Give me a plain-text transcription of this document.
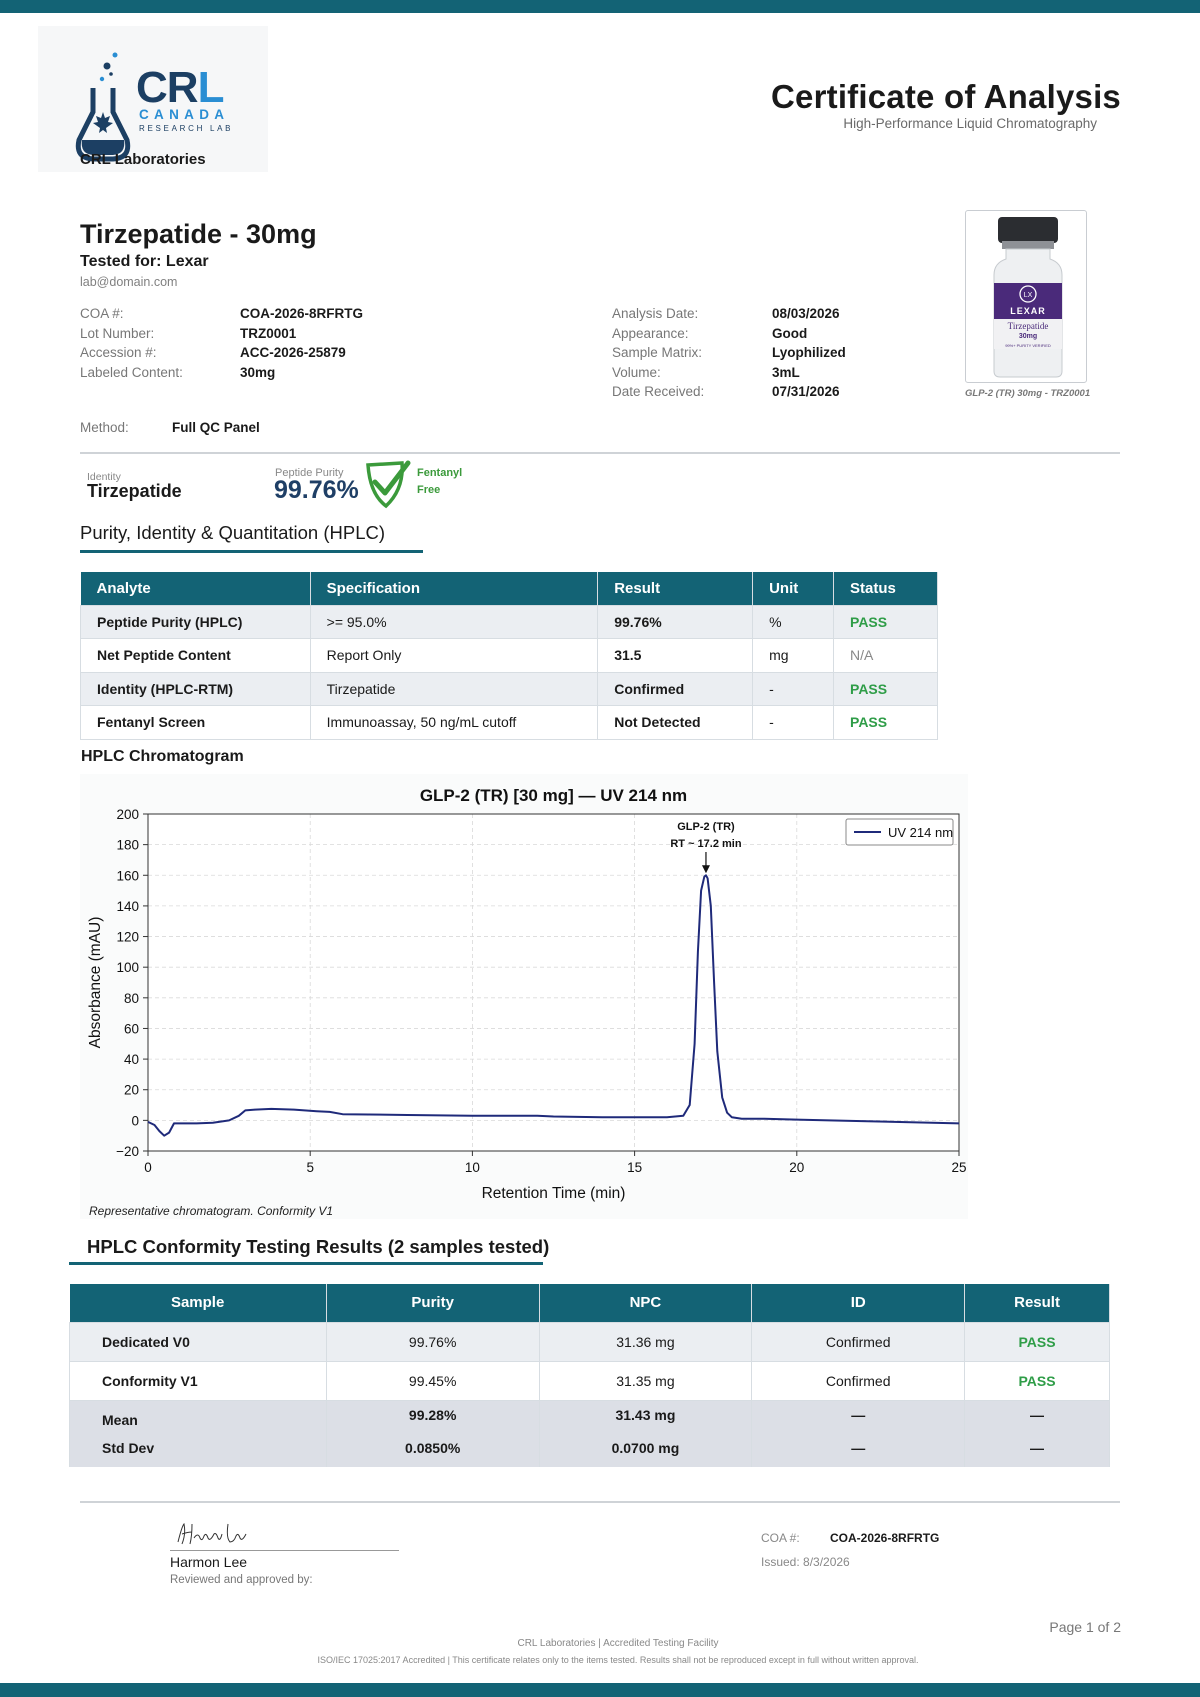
CRL
CANADA
RESEARCH LAB
CRL Laboratories
Certificate of Analysis
High-Performance Liquid Chromatography
Tirzepatide - 30mg
Tested for: Lexar
lab@domain.com
COA #:	COA-2026-8RFRTG
Lot Number:	TRZ0001
Accession #:	ACC-2026-25879
Labeled Content:	30mg
Analysis Date:	08/03/2026
Appearance:	Good
Sample Matrix:	Lyophilized
Volume:	3mL
Date Received:	07/31/2026
LX
LEXAR
Tirzepatide
30mg
99%+ PURITY VERIFIED
GLP-2 (TR) 30mg - TRZ0001
Method:	Full QC Panel
Identity
Tirzepatide
Peptide Purity
99.76%
Fentanyl
Free
Purity, Identity & Quantitation (HPLC)
Analyte	Specification	Result	Unit	Status
Peptide Purity (HPLC)	>= 95.0%	99.76%	%	PASS
Net Peptide Content	Report Only	31.5	mg	N/A
Identity (HPLC-RTM)	Tirzepatide	Confirmed	-	PASS
Fentanyl Screen	Immunoassay, 50 ng/mL cutoff	Not Detected	-	PASS
HPLC Chromatogram
0	5	10	15	20	25
−20
0
20
40
60
80
100
120
140
160
180
200
GLP-2 (TR) [30 mg] — UV 214 nm
Retention Time (min)
Absorbance (mAU)
GLP-2 (TR)
RT ~ 17.2 min
UV 214 nm
Representative chromatogram. Conformity V1
HPLC Conformity Testing Results (2 samples tested)
Sample	Purity	NPC	ID	Result
Dedicated V0	99.76%	31.36 mg	Confirmed	PASS
Conformity V1	99.45%	31.35 mg	Confirmed	PASS
Mean	99.28%	31.43 mg	—	—
Std Dev	0.0850%	0.0700 mg	—	—
Harmon Lee
Reviewed and approved by:
COA #:	COA-2026-8RFRTG
Issued: 8/3/2026
Page 1 of 2
CRL Laboratories | Accredited Testing Facility
ISO/IEC 17025:2017 Accredited | This certificate relates only to the items tested. Results shall not be reproduced except in full without written approval.
